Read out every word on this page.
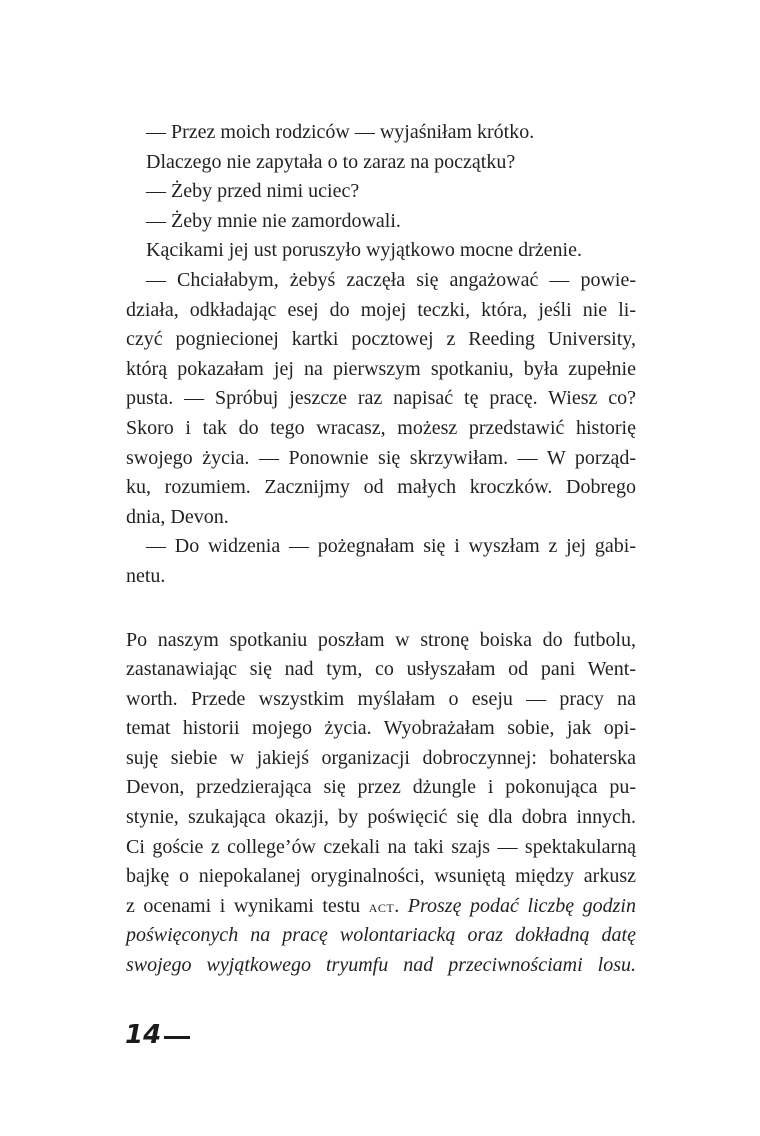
— Przez moich rodziców — wyjaśniłam krótko.
Dlaczego nie zapytała o to zaraz na początku?
— Żeby przed nimi uciec?
— Żeby mnie nie zamordowali.
Kącikami jej ust poruszyło wyjątkowo mocne drżenie.
— Chciałabym, żebyś zaczęła się angażować — powie-
działa, odkładając esej do mojej teczki, która, jeśli nie li-
czyć pogniecionej kartki pocztowej z Reeding University,
którą pokazałam jej na pierwszym spotkaniu, była zupełnie
pusta. — Spróbuj jeszcze raz napisać tę pracę. Wiesz co?
Skoro i tak do tego wracasz, możesz przedstawić historię
swojego życia. — Ponownie się skrzywiłam. — W porząd-
ku, rozumiem. Zacznijmy od małych kroczków. Dobrego
dnia, Devon.
— Do widzenia — pożegnałam się i wyszłam z jej gabi-
netu.
Po naszym spotkaniu poszłam w stronę boiska do futbolu,
zastanawiając się nad tym, co usłyszałam od pani Went-
worth. Przede wszystkim myślałam o eseju — pracy na
temat historii mojego życia. Wyobrażałam sobie, jak opi-
suję siebie w jakiejś organizacji dobroczynnej: bohaterska
Devon, przedzierająca się przez dżungle i pokonująca pu-
stynie, szukająca okazji, by poświęcić się dla dobra innych.
Ci goście z college’ów czekali na taki szajs — spektakularną
bajkę o niepokalanej oryginalności, wsuniętą między arkusz
z ocenami i wynikami testu act. Proszę podać liczbę godzin
poświęconych na pracę wolontariacką oraz dokładną datę
swojego wyjątkowego tryumfu nad przeciwnościami losu.
14
